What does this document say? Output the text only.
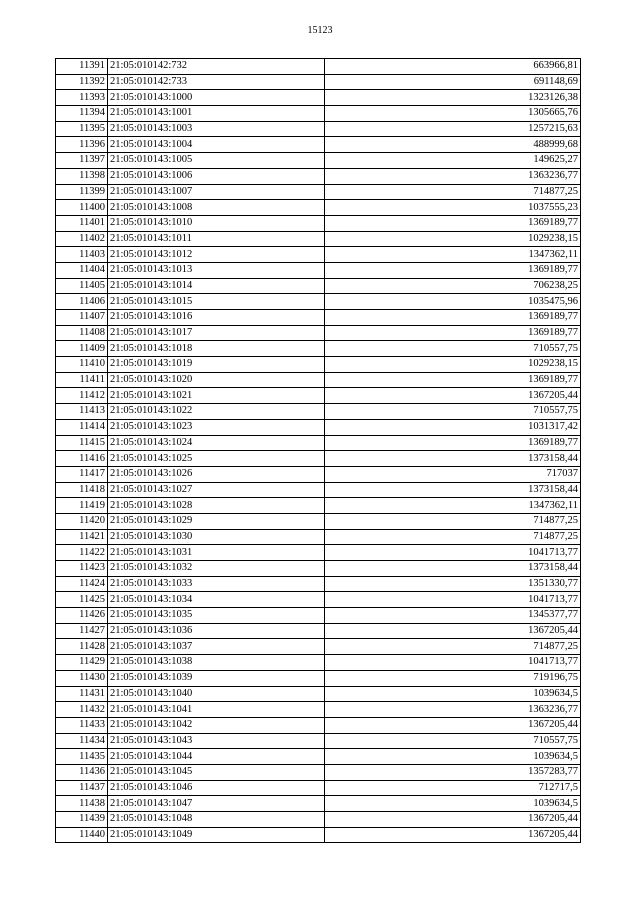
15123
11391	21:05:010142:732	663966,81
11392	21:05:010142:733	691148,69
11393	21:05:010143:1000	1323126,38
11394	21:05:010143:1001	1305665,76
11395	21:05:010143:1003	1257215,63
11396	21:05:010143:1004	488999,68
11397	21:05:010143:1005	149625,27
11398	21:05:010143:1006	1363236,77
11399	21:05:010143:1007	714877,25
11400	21:05:010143:1008	1037555,23
11401	21:05:010143:1010	1369189,77
11402	21:05:010143:1011	1029238,15
11403	21:05:010143:1012	1347362,11
11404	21:05:010143:1013	1369189,77
11405	21:05:010143:1014	706238,25
11406	21:05:010143:1015	1035475,96
11407	21:05:010143:1016	1369189,77
11408	21:05:010143:1017	1369189,77
11409	21:05:010143:1018	710557,75
11410	21:05:010143:1019	1029238,15
11411	21:05:010143:1020	1369189,77
11412	21:05:010143:1021	1367205,44
11413	21:05:010143:1022	710557,75
11414	21:05:010143:1023	1031317,42
11415	21:05:010143:1024	1369189,77
11416	21:05:010143:1025	1373158,44
11417	21:05:010143:1026	717037
11418	21:05:010143:1027	1373158,44
11419	21:05:010143:1028	1347362,11
11420	21:05:010143:1029	714877,25
11421	21:05:010143:1030	714877,25
11422	21:05:010143:1031	1041713,77
11423	21:05:010143:1032	1373158,44
11424	21:05:010143:1033	1351330,77
11425	21:05:010143:1034	1041713,77
11426	21:05:010143:1035	1345377,77
11427	21:05:010143:1036	1367205,44
11428	21:05:010143:1037	714877,25
11429	21:05:010143:1038	1041713,77
11430	21:05:010143:1039	719196,75
11431	21:05:010143:1040	1039634,5
11432	21:05:010143:1041	1363236,77
11433	21:05:010143:1042	1367205,44
11434	21:05:010143:1043	710557,75
11435	21:05:010143:1044	1039634,5
11436	21:05:010143:1045	1357283,77
11437	21:05:010143:1046	712717,5
11438	21:05:010143:1047	1039634,5
11439	21:05:010143:1048	1367205,44
11440	21:05:010143:1049	1367205,44
